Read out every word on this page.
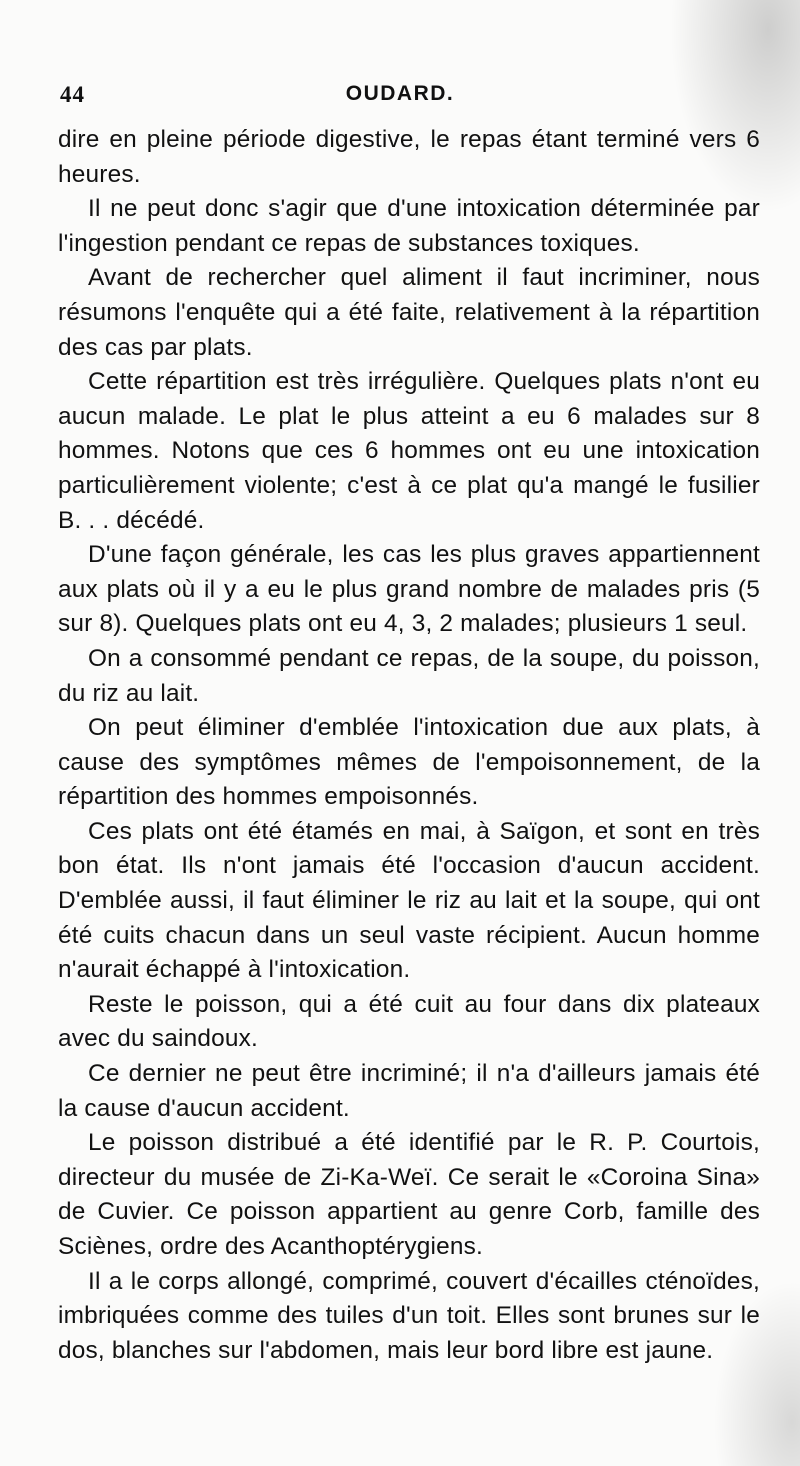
44	OUDARD.

dire en pleine période digestive, le repas étant terminé vers 6 heures.

Il ne peut donc s'agir que d'une intoxication déterminée par l'ingestion pendant ce repas de substances toxiques.

Avant de rechercher quel aliment il faut incriminer, nous résumons l'enquête qui a été faite, relativement à la répartition des cas par plats.

Cette répartition est très irrégulière. Quelques plats n'ont eu aucun malade. Le plat le plus atteint a eu 6 malades sur 8 hommes. Notons que ces 6 hommes ont eu une intoxication particulièrement violente; c'est à ce plat qu'a mangé le fusilier B. . . décédé.

D'une façon générale, les cas les plus graves appartiennent aux plats où il y a eu le plus grand nombre de malades pris (5 sur 8). Quelques plats ont eu 4, 3, 2 malades; plusieurs 1 seul.

On a consommé pendant ce repas, de la soupe, du poisson, du riz au lait.

On peut éliminer d'emblée l'intoxication due aux plats, à cause des symptômes mêmes de l'empoisonnement, de la répartition des hommes empoisonnés.

Ces plats ont été étamés en mai, à Saïgon, et sont en très bon état. Ils n'ont jamais été l'occasion d'aucun accident. D'emblée aussi, il faut éliminer le riz au lait et la soupe, qui ont été cuits chacun dans un seul vaste récipient. Aucun homme n'aurait échappé à l'intoxication.

Reste le poisson, qui a été cuit au four dans dix plateaux avec du saindoux.

Ce dernier ne peut être incriminé; il n'a d'ailleurs jamais été la cause d'aucun accident.

Le poisson distribué a été identifié par le R. P. Courtois, directeur du musée de Zi-Ka-Weï. Ce serait le «Coroina Sina» de Cuvier. Ce poisson appartient au genre Corb, famille des Sciènes, ordre des Acanthoptérygiens.

Il a le corps allongé, comprimé, couvert d'écailles cténoïdes, imbriquées comme des tuiles d'un toit. Elles sont brunes sur le dos, blanches sur l'abdomen, mais leur bord libre est jaune.
